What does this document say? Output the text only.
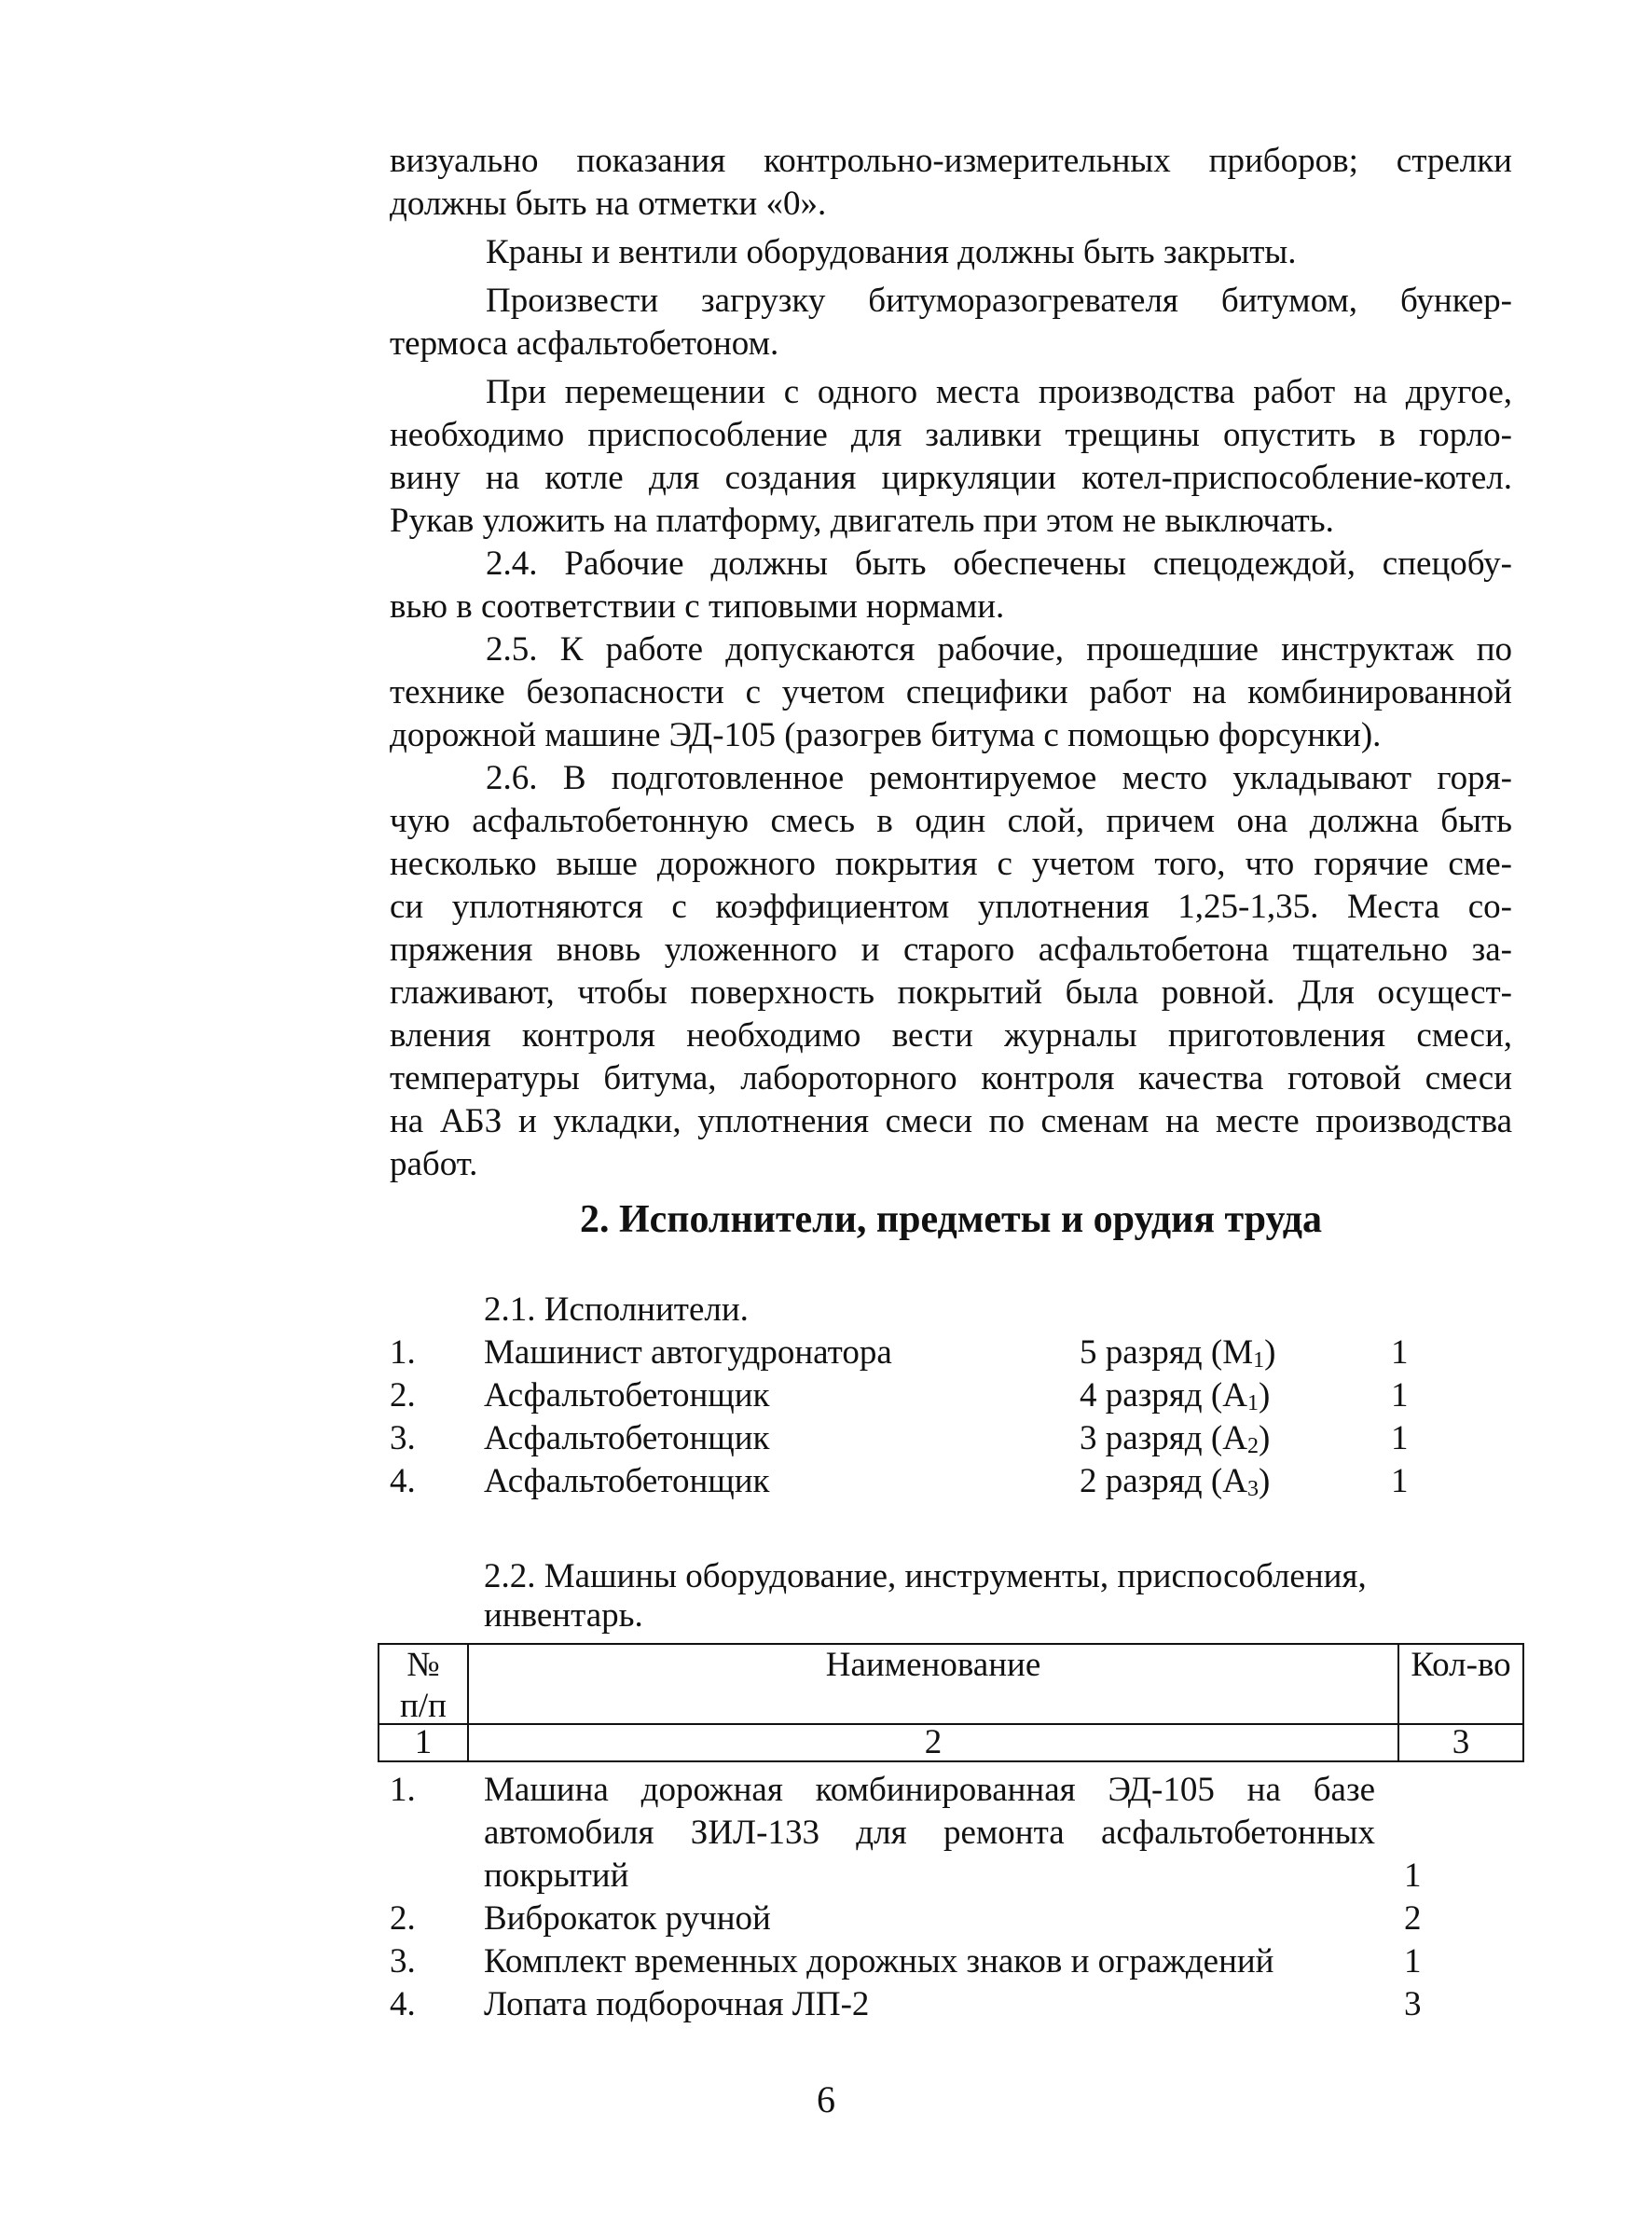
визуально показания контрольно-измерительных приборов; стрелки

должны быть на отметки «0».

Краны и вентили оборудования должны быть закрыты.

Произвести загрузку битуморазогревателя битумом, бункер-

термоса асфальтобетоном.

При перемещении с одного места производства работ на другое,

необходимо приспособление для заливки трещины опустить в горло-

вину на котле для создания циркуляции котел-приспособление-котел.

Рукав уложить на платформу, двигатель при этом не выключать.

2.4. Рабочие должны быть обеспечены спецодеждой, спецобу-

вью в соответствии с типовыми нормами.

2.5. К работе допускаются рабочие, прошедшие инструктаж по

технике безопасности с учетом специфики работ на комбинированной

дорожной машине ЭД-105 (разогрев битума с помощью форсунки).

2.6. В подготовленное ремонтируемое место укладывают горя-

чую асфальтобетонную смесь в один слой, причем она должна быть

несколько выше дорожного покрытия с учетом того, что горячие сме-

си уплотняются с коэффициентом уплотнения 1,25-1,35. Места со-

пряжения вновь уложенного и старого асфальтобетона тщательно за-

глаживают, чтобы поверхность покрытий была ровной. Для осущест-

вления контроля необходимо вести журналы приготовления смеси,

температуры битума, лабороторного контроля качества готовой смеси

на АБЗ и укладки, уплотнения смеси по сменам на месте производства

работ.

2. Исполнители, предметы и орудия труда
2.1. Исполнители.
1. Машинист автогудронатора	5 разряд $(М_1)$	1
2. Асфальтобетонщик	4 разряд $(А_1)$	1
3. Асфальтобетонщик	3 разряд $(А_2)$	1
4. Асфальтобетонщик	2 разряд $(А_3)$	1
2.2. Машины оборудование, инструменты, приспособления,
инвентарь.
№
п/п
Наименование	Кол-во
1	2	3
1. Машина дорожная комбинированная ЭД-105 на базе
автомобиля ЗИЛ-133 для ремонта асфальтобетонных
покрытий	1
2. Виброкаток ручной	2
3. Комплект временных дорожных знаков и ограждений	1
4. Лопата подборочная ЛП-2	3
6
